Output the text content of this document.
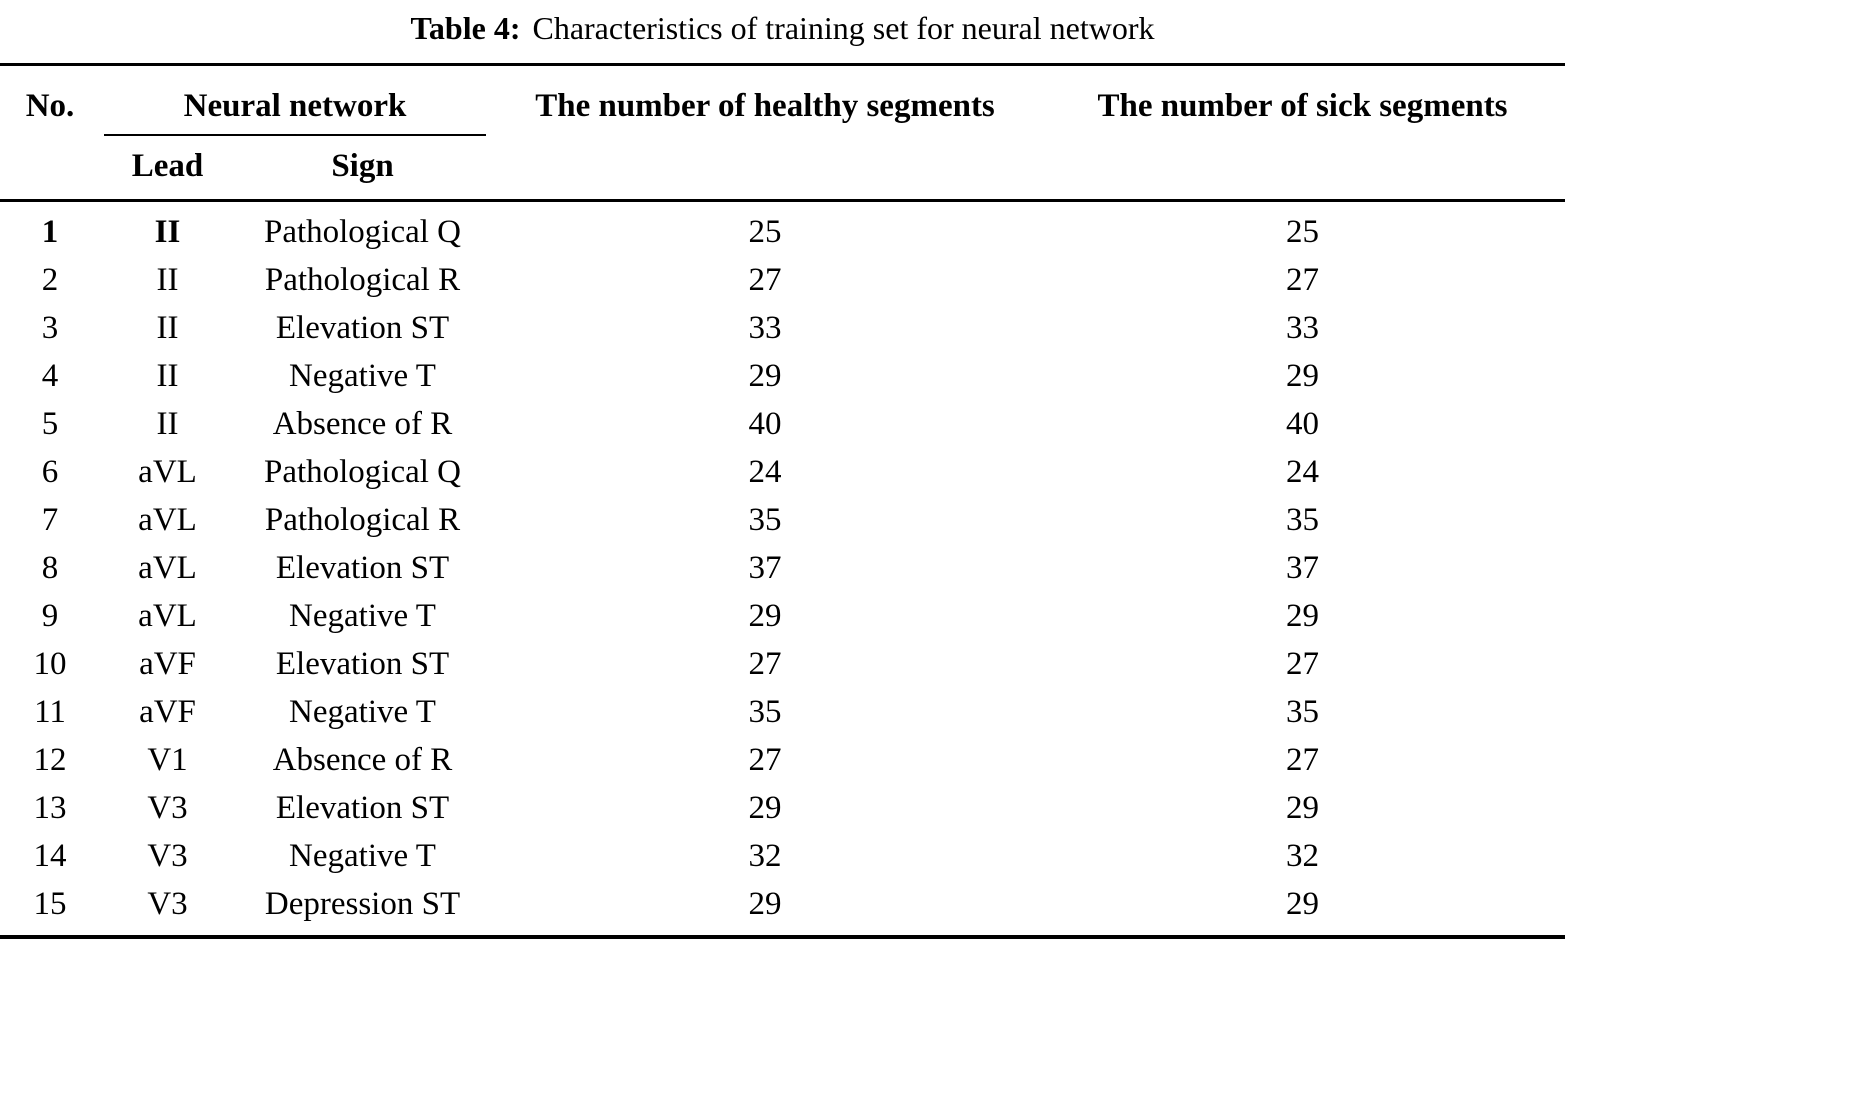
Table 4: Characteristics of training set for neural network
No.	Neural network		The number of healthy segments	The number of sick segments
	Lead	Sign		
1	II	Pathological Q	25	25
2	II	Pathological R	27	27
3	II	Elevation ST	33	33
4	II	Negative T	29	29
5	II	Absence of R	40	40
6	aVL	Pathological Q	24	24
7	aVL	Pathological R	35	35
8	aVL	Elevation ST	37	37
9	aVL	Negative T	29	29
10	aVF	Elevation ST	27	27
11	aVF	Negative T	35	35
12	V1	Absence of R	27	27
13	V3	Elevation ST	29	29
14	V3	Negative T	32	32
15	V3	Depression ST	29	29
